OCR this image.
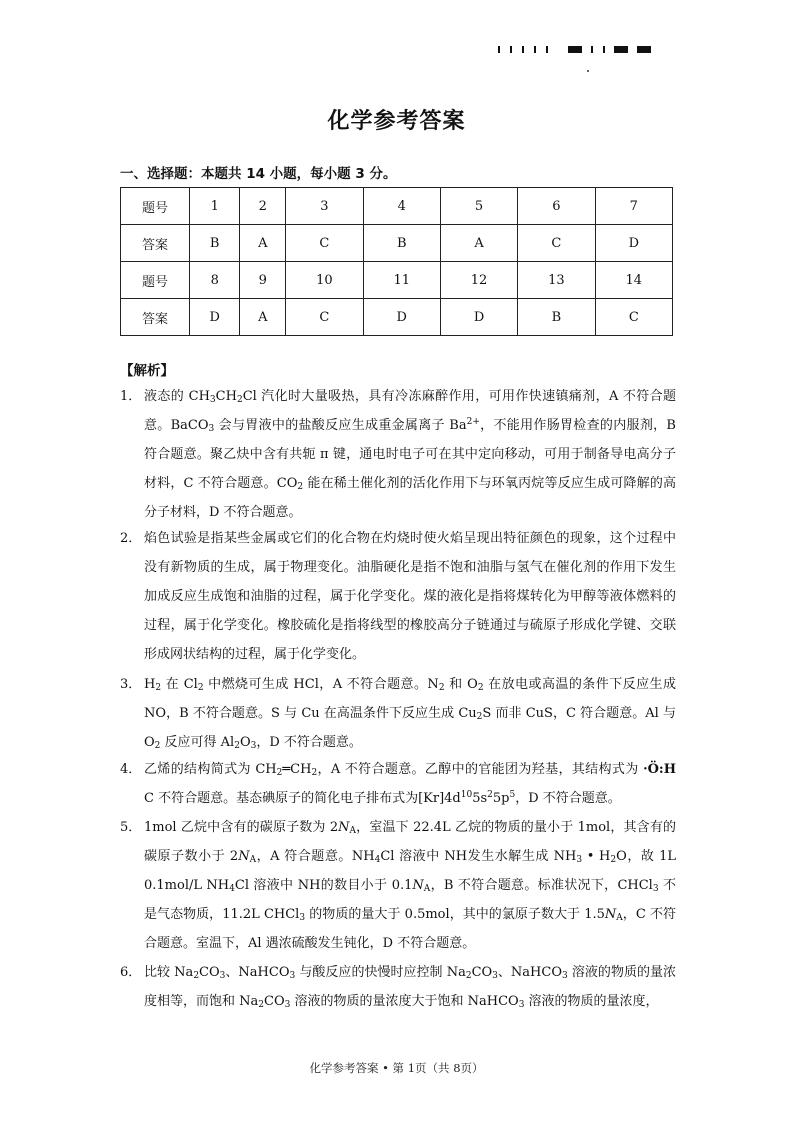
化学参考答案
一、选择题：本题共 14 小题，每小题 3 分。
题号	1	2	3	4	5	6	7
答案	B	A	C	B	A	C	D
题号	8	9	10	11	12	13	14
答案	D	A	C	D	D	B	C
【解析】
1． 液态的 $CH_3CH_2Cl$ 汽化时大量吸热，具有冷冻麻醉作用，可用作快速镇痛剂，A 不符合题意。BaCO$_3$ 会与胃液中的盐酸反应生成重金属离子 $Ba^{2+}$，不能用作肠胃检查的内服剂，B 符合题意。聚乙炔中含有共轭 π 键，通电时电子可在其中定向移动，可用于制备导电高分子材料，C 不符合题意。$CO_2$ 能在稀土催化剂的活化作用下与环氧丙烷等反应生成可降解的高分子材料，D 不符合题意。

2． 焰色试验是指某些金属或它们的化合物在灼烧时使火焰呈现出特征颜色的现象，这个过程中没有新物质的生成，属于物理变化。油脂硬化是指不饱和油脂与氢气在催化剂的作用下发生加成反应生成饱和油脂的过程，属于化学变化。煤的液化是指将煤转化为甲醇等液体燃料的过程，属于化学变化。橡胶硫化是指将线型的橡胶高分子链通过与硫原子形成化学键、交联形成网状结构的过程，属于化学变化。

3． $H_2$ 在 $Cl_2$ 中燃烧可生成 HCl，A 不符合题意。$N_2$ 和 $O_2$ 在放电或高温的条件下反应生成 NO，B 不符合题意。S 与 Cu 在高温条件下反应生成 $Cu_2S$ 而非 CuS，C 符合题意。Al 与 $O_2$ 反应可得 $Al_2O_3$，D 不符合题意。

4． 乙烯的结构简式为 $CH_2═CH_2$，A 不符合题意。乙醇中的官能团为羟基，其结构式为 ·Ö:H C 不符合题意。基态碘原子的简化电子排布式为$[Kr]4d^{10}5s^25p^5$，D 不符合题意。

5． 1mol 乙烷中含有的碳原子数为 $2N_A$，室温下 22.4L 乙烷的物质的量小于 1mol，其含有的碳原子数小于 $2N_A$，A 符合题意。$NH_4Cl$ 溶液中 NH发生水解生成 $NH_3$ • $H_2O$，故 1L 0.1mol/L $NH_4Cl$ 溶液中 NH的数目小于 $0.1N_A$，B 不符合题意。标准状况下，CHCl$_3$ 不是气态物质，11.2L CHCl$_3$ 的物质的量大于 0.5mol，其中的氯原子数大于 $1.5N_A$，C 不符合题意。室温下，Al 遇浓硫酸发生钝化，D 不符合题意。

6． 比较 $Na_2CO_3$、NaHCO$_3$ 与酸反应的快慢时应控制 $Na_2CO_3$、NaHCO$_3$ 溶液的物质的量浓度相等，而饱和 $Na_2CO_3$ 溶液的物质的量浓度大于饱和 NaHCO$_3$ 溶液的物质的量浓度，

化学参考答案 • 第 1页（共 8页）
